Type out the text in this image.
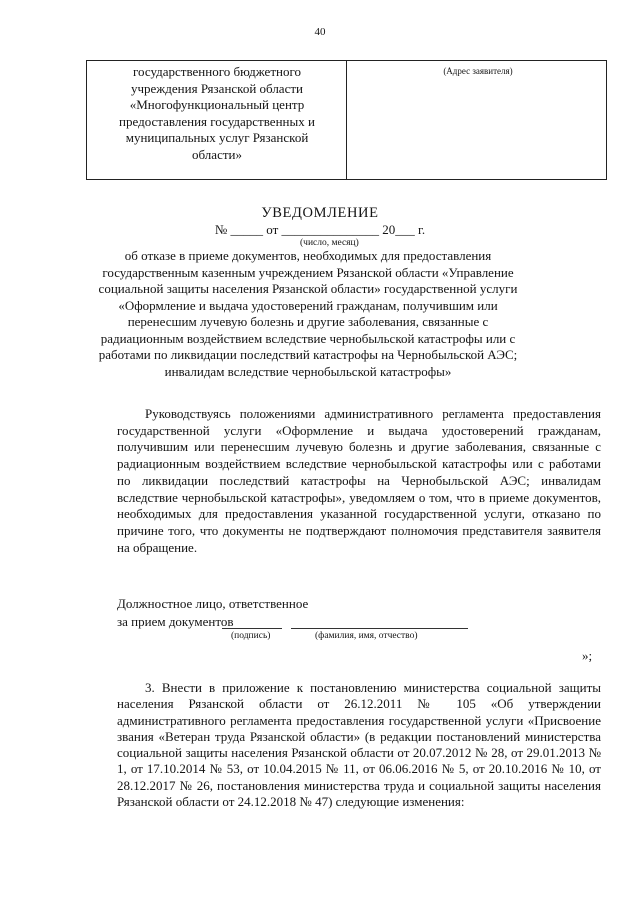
40
государственного бюджетного
учреждения Рязанской области
«Многофункциональный центр
предоставления государственных и
муниципальных услуг Рязанской
области»
(Адрес заявителя)
УВЕДОМЛЕНИЕ
№ _____ от _______________ 20___ г.
(число, месяц)
об отказе в приеме документов, необходимых для предоставления государственным казенным учреждением Рязанской области «Управление социальной защиты населения Рязанской области» государственной услуги «Оформление и выдача удостоверений гражданам, получившим или перенесшим лучевую болезнь и другие заболевания, связанные с радиационным воздействием вследствие чернобыльской катастрофы или с работами по ликвидации последствий катастрофы на Чернобыльской АЭС; инвалидам вследствие чернобыльской катастрофы»

Руководствуясь положениями административного регламента предоставления государственной услуги «Оформление и выдача удостоверений гражданам, получившим или перенесшим лучевую болезнь и другие заболевания, связанные с радиационным воздействием вследствие чернобыльской катастрофы или с работами по ликвидации последствий катастрофы на Чернобыльской АЭС; инвалидам вследствие чернобыльской катастрофы», уведомляем о том, что в приеме документов, необходимых для предоставления указанной государственной услуги, отказано по причине того, что документы не подтверждают полномочия представителя заявителя на обращение.

Должностное лицо, ответственное
за прием документов
(подпись)	(фамилия, имя, отчество)
»;

3. Внести в приложение к постановлению министерства социальной защиты населения Рязанской области от 26.12.2011 № 105 «Об утверждении административного регламента предоставления государственной услуги «Присвоение звания «Ветеран труда Рязанской области» (в редакции постановлений министерства социальной защиты населения Рязанской области от 20.07.2012 № 28, от 29.01.2013 № 1, от 17.10.2014 № 53, от 10.04.2015 № 11, от 06.06.2016 № 5, от 20.10.2016 № 10, от 28.12.2017 № 26, постановления министерства труда и социальной защиты населения Рязанской области от 24.12.2018 № 47) следующие изменения:
